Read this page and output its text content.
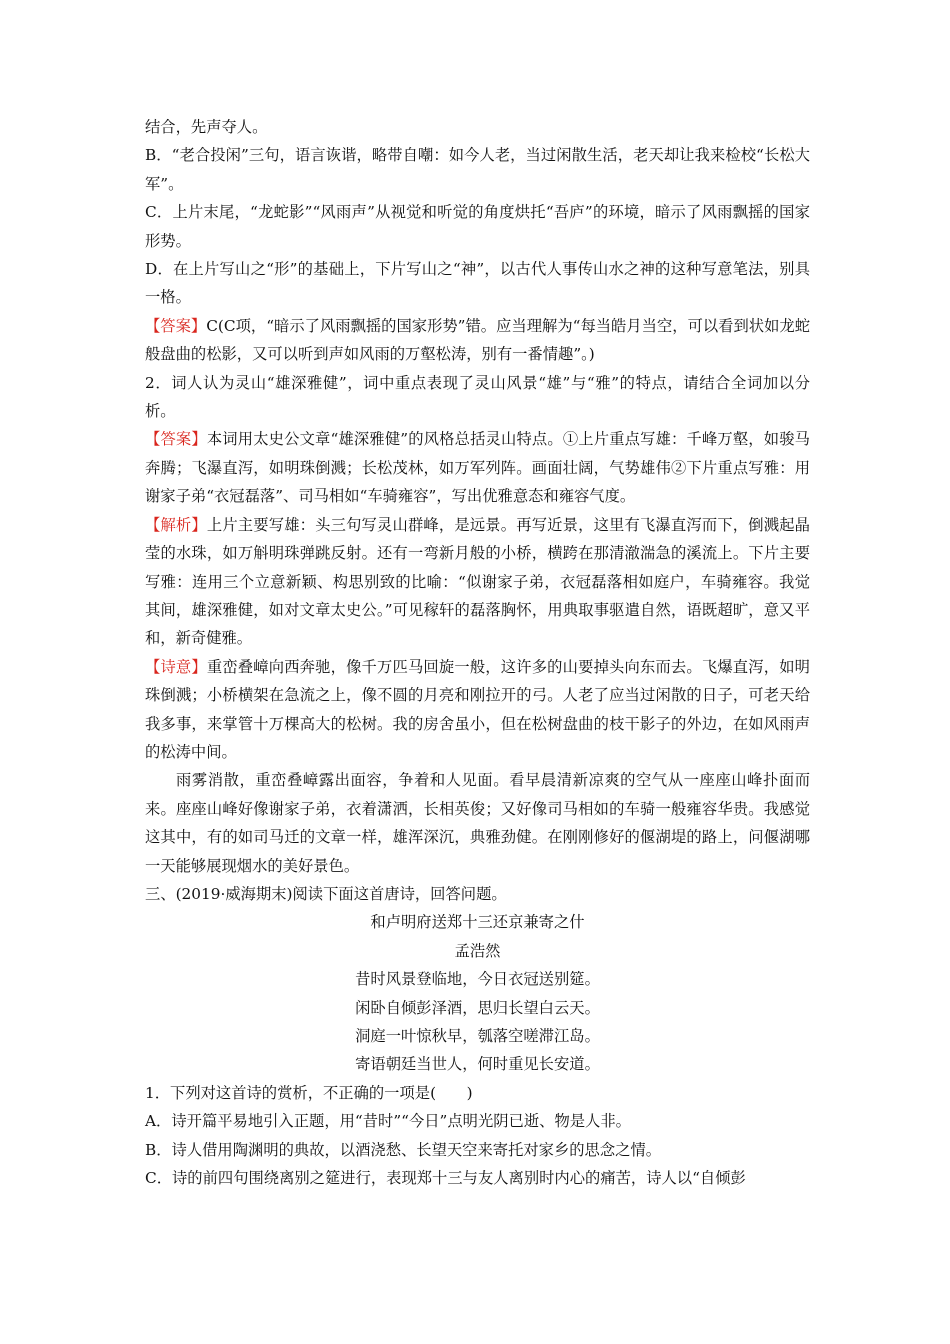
结合，先声夺人。

B．“老合投闲”三句，语言诙谐，略带自嘲：如今人老，当过闲散生活，老天却让我来检校“长松大军”。

C．上片末尾，“龙蛇影”“风雨声”从视觉和听觉的角度烘托“吾庐”的环境，暗示了风雨飘摇的国家形势。

D．在上片写山之“形”的基础上，下片写山之“神”，以古代人事传山水之神的这种写意笔法，别具一格。

【答案】C(C项，“暗示了风雨飘摇的国家形势”错。应当理解为“每当皓月当空，可以看到状如龙蛇般盘曲的松影，又可以听到声如风雨的万壑松涛，别有一番情趣”。)

2．词人认为灵山“雄深雅健”，词中重点表现了灵山风景“雄”与“雅”的特点，请结合全词加以分析。

【答案】本词用太史公文章“雄深雅健”的风格总括灵山特点。①上片重点写雄：千峰万壑，如骏马奔腾；飞瀑直泻，如明珠倒溅；长松茂林，如万军列阵。画面壮阔，气势雄伟②下片重点写雅：用谢家子弟“衣冠磊落”、司马相如“车骑雍容”，写出优雅意态和雍容气度。

【解析】上片主要写雄：头三句写灵山群峰，是远景。再写近景，这里有飞瀑直泻而下，倒溅起晶莹的水珠，如万斛明珠弹跳反射。还有一弯新月般的小桥，横跨在那清澈湍急的溪流上。下片主要写雅：连用三个立意新颖、构思别致的比喻：“似谢家子弟，衣冠磊落相如庭户，车骑雍容。我觉其间，雄深雅健，如对文章太史公。”可见稼轩的磊落胸怀，用典取事驱遣自然，语既超旷，意又平和，新奇健雅。

【诗意】重峦叠嶂向西奔驰，像千万匹马回旋一般，这许多的山要掉头向东而去。飞爆直泻，如明珠倒溅；小桥横架在急流之上，像不圆的月亮和刚拉开的弓。人老了应当过闲散的日子，可老天给我多事，来掌管十万棵高大的松树。我的房舍虽小，但在松树盘曲的枝干影子的外边，在如风雨声的松涛中间。

雨雾消散，重峦叠嶂露出面容，争着和人见面。看早晨清新凉爽的空气从一座座山峰扑面而来。座座山峰好像谢家子弟，衣着潇洒，长相英俊；又好像司马相如的车骑一般雍容华贵。我感觉这其中，有的如司马迁的文章一样，雄浑深沉，典雅劲健。在刚刚修好的偃湖堤的路上，问偃湖哪一天能够展现烟水的美好景色。

三、(2019·威海期末)阅读下面这首唐诗，回答问题。

和卢明府送郑十三还京兼寄之什

孟浩然

昔时风景登临地，今日衣冠送别筵。

闲卧自倾彭泽酒，思归长望白云天。

洞庭一叶惊秋早，瓠落空嗟滞江岛。

寄语朝廷当世人，何时重见长安道。

1．下列对这首诗的赏析，不正确的一项是(　　)

A．诗开篇平易地引入正题，用“昔时”“今日”点明光阴已逝、物是人非。

B．诗人借用陶渊明的典故，以酒浇愁、长望天空来寄托对家乡的思念之情。

C．诗的前四句围绕离别之筵进行，表现郑十三与友人离别时内心的痛苦，诗人以“自倾彭
